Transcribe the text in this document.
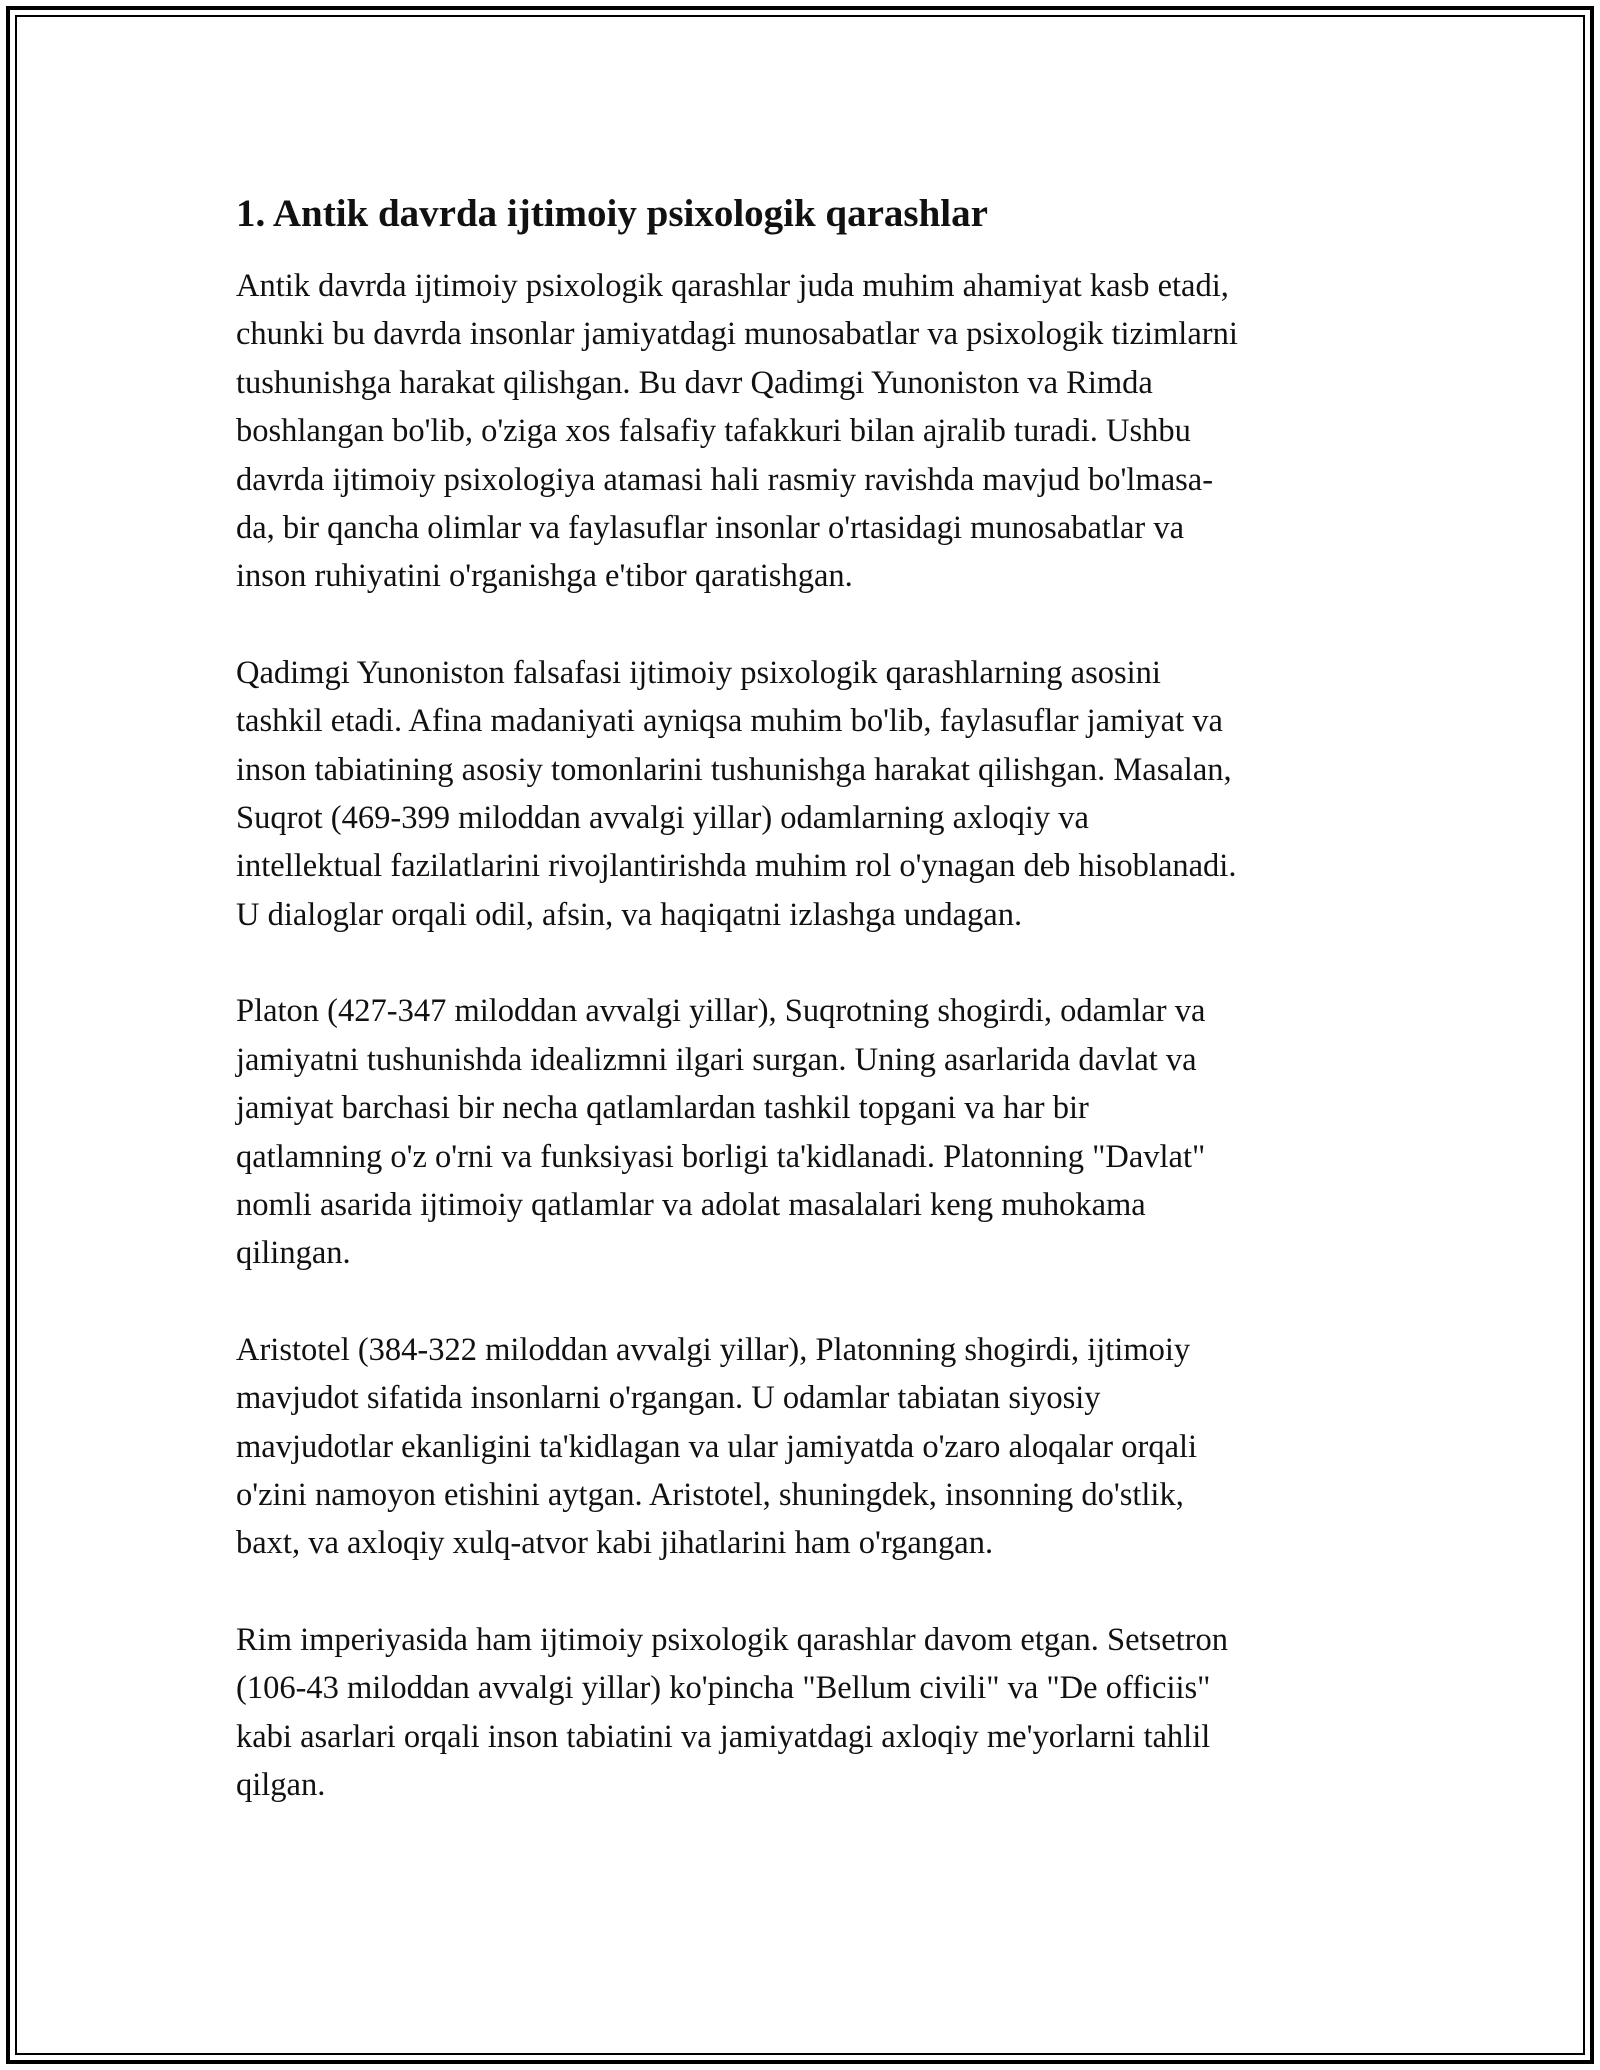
1. Antik davrda ijtimoiy psixologik qarashlar

Antik davrda ijtimoiy psixologik qarashlar juda muhim ahamiyat kasb etadi,
chunki bu davrda insonlar jamiyatdagi munosabatlar va psixologik tizimlarni
tushunishga harakat qilishgan. Bu davr Qadimgi Yunoniston va Rimda
boshlangan bo'lib, o'ziga xos falsafiy tafakkuri bilan ajralib turadi. Ushbu
davrda ijtimoiy psixologiya atamasi hali rasmiy ravishda mavjud bo'lmasa-
da, bir qancha olimlar va faylasuflar insonlar o'rtasidagi munosabatlar va
inson ruhiyatini o'rganishga e'tibor qaratishgan.

Qadimgi Yunoniston falsafasi ijtimoiy psixologik qarashlarning asosini
tashkil etadi. Afina madaniyati ayniqsa muhim bo'lib, faylasuflar jamiyat va
inson tabiatining asosiy tomonlarini tushunishga harakat qilishgan. Masalan,
Suqrot (469-399 miloddan avvalgi yillar) odamlarning axloqiy va
intellektual fazilatlarini rivojlantirishda muhim rol o'ynagan deb hisoblanadi.
U dialoglar orqali odil, afsin, va haqiqatni izlashga undagan.

Platon (427-347 miloddan avvalgi yillar), Suqrotning shogirdi, odamlar va
jamiyatni tushunishda idealizmni ilgari surgan. Uning asarlarida davlat va
jamiyat barchasi bir necha qatlamlardan tashkil topgani va har bir
qatlamning o'z o'rni va funksiyasi borligi ta'kidlanadi. Platonning "Davlat"
nomli asarida ijtimoiy qatlamlar va adolat masalalari keng muhokama
qilingan.

Aristotel (384-322 miloddan avvalgi yillar), Platonning shogirdi, ijtimoiy
mavjudot sifatida insonlarni o'rgangan. U odamlar tabiatan siyosiy
mavjudotlar ekanligini ta'kidlagan va ular jamiyatda o'zaro aloqalar orqali
o'zini namoyon etishini aytgan. Aristotel, shuningdek, insonning do'stlik,
baxt, va axloqiy xulq-atvor kabi jihatlarini ham o'rgangan.

Rim imperiyasida ham ijtimoiy psixologik qarashlar davom etgan. Setsetron
(106-43 miloddan avvalgi yillar) ko'pincha "Bellum civili" va "De officiis"
kabi asarlari orqali inson tabiatini va jamiyatdagi axloqiy me'yorlarni tahlil
qilgan.
